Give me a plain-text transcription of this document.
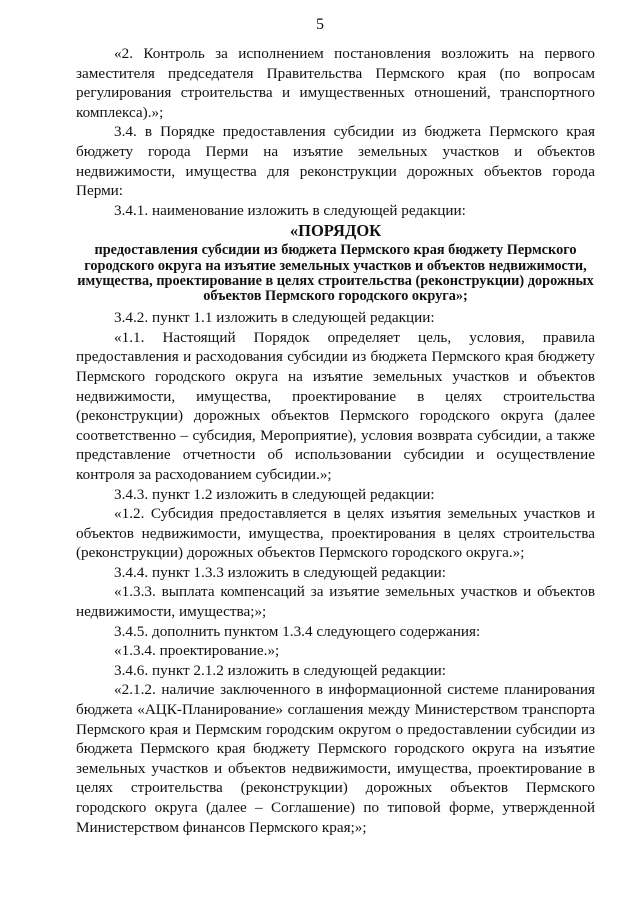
5

«2. Контроль за исполнением постановления возложить на первого заместителя председателя Правительства Пермского края (по вопросам регулирования строительства и имущественных отношений, транспортного комплекса).»;

3.4. в Порядке предоставления субсидии из бюджета Пермского края бюджету города Перми на изъятие земельных участков и объектов недвижимости, имущества для реконструкции дорожных объектов города Перми:

3.4.1. наименование изложить в следующей редакции:

«ПОРЯДОК

предоставления субсидии из бюджета Пермского края бюджету Пермского городского округа на изъятие земельных участков и объектов недвижимости, имущества, проектирование в целях строительства (реконструкции) дорожных объектов Пермского городского округа»;

3.4.2. пункт 1.1 изложить в следующей редакции:

«1.1. Настоящий Порядок определяет цель, условия, правила предоставления и расходования субсидии из бюджета Пермского края бюджету Пермского городского округа на изъятие земельных участков и объектов недвижимости, имущества, проектирование в целях строительства (реконструкции) дорожных объектов Пермского городского округа (далее соответственно – субсидия, Мероприятие), условия возврата субсидии, а также представление отчетности об использовании субсидии и осуществление контроля за расходованием субсидии.»;

3.4.3. пункт 1.2 изложить в следующей редакции:

«1.2. Субсидия предоставляется в целях изъятия земельных участков и объектов недвижимости, имущества, проектирования в целях строительства (реконструкции) дорожных объектов Пермского городского округа.»;

3.4.4. пункт 1.3.3 изложить в следующей редакции:

«1.3.3. выплата компенсаций за изъятие земельных участков и объектов недвижимости, имущества;»;

3.4.5. дополнить пунктом 1.3.4 следующего содержания:

«1.3.4. проектирование.»;

3.4.6. пункт 2.1.2 изложить в следующей редакции:

«2.1.2. наличие заключенного в информационной системе планирования бюджета «АЦК-Планирование» соглашения между Министерством транспорта Пермского края и Пермским городским округом о предоставлении субсидии из бюджета Пермского края бюджету Пермского городского округа на изъятие земельных участков и объектов недвижимости, имущества, проектирование в целях строительства (реконструкции) дорожных объектов Пермского городского округа (далее – Соглашение) по типовой форме, утвержденной Министерством финансов Пермского края;»;
